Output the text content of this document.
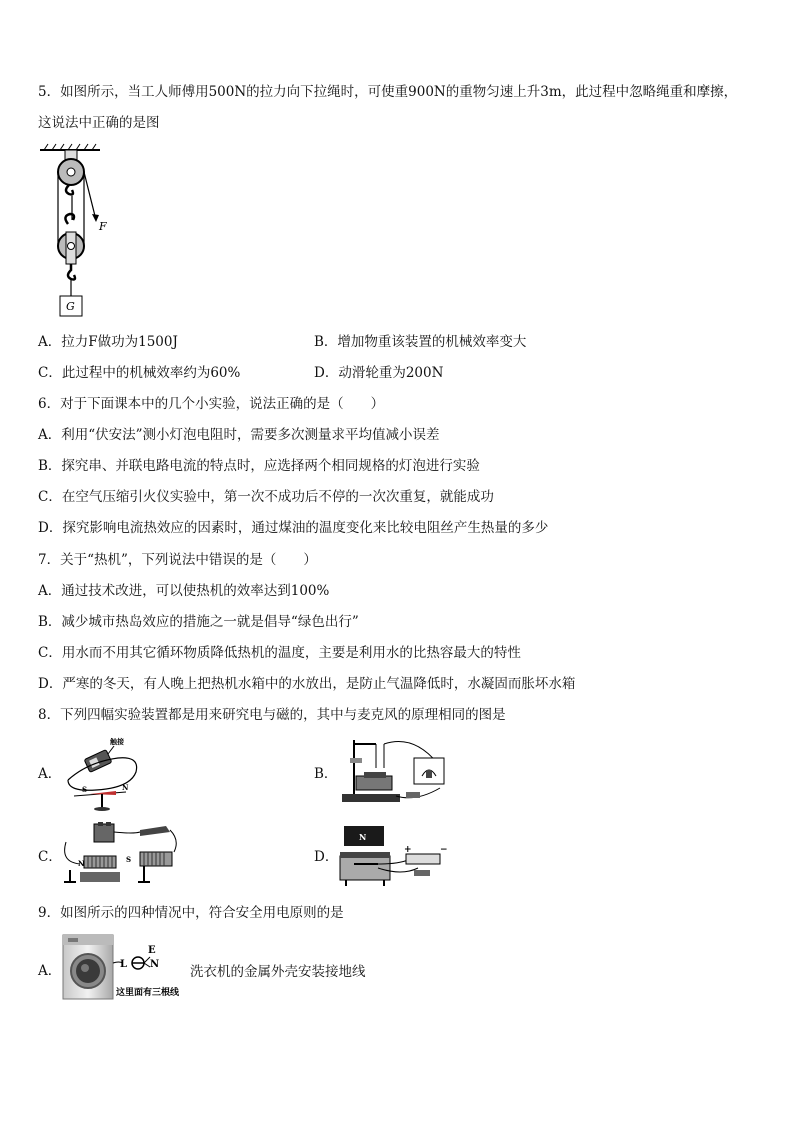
5．如图所示，当工人师傅用500N的拉力向下拉绳时，可使重900N的重物匀速上升3m，此过程中忽略绳重和摩擦，
这说法中正确的是图
F
G
A．拉力F做功为1500J	B．增加物重该装置的机械效率变大
C．此过程中的机械效率约为60%	D．动滑轮重为200N
6．对于下面课本中的几个小实验，说法正确的是（　　）
A．利用“伏安法”测小灯泡电阻时，需要多次测量求平均值减小误差
B．探究串、并联电路电流的特点时，应选择两个相同规格的灯泡进行实验
C．在空气压缩引火仪实验中，第一次不成功后不停的一次次重复，就能成功
D．探究影响电流热效应的因素时，通过煤油的温度变化来比较电阻丝产生热量的多少
7．关于“热机”，下列说法中错误的是（　　）
A．通过技术改进，可以使热机的效率达到100%
B．减少城市热岛效应的措施之一就是倡导“绿色出行”
C．用水而不用其它循环物质降低热机的温度，主要是利用水的比热容最大的特性
D．严寒的冬天，有人晚上把热机水箱中的水放出，是防止气温降低时，水凝固而胀坏水箱
8．下列四幅实验装置都是用来研究电与磁的，其中与麦克风的原理相同的图是
A．
触接
S	N
B．
C． N	S	D．
N
+	−
9．如图所示的四种情况中，符合安全用电原则的是
A．	L
E
N
这里面有三根线
洗衣机的金属外壳安装接地线
